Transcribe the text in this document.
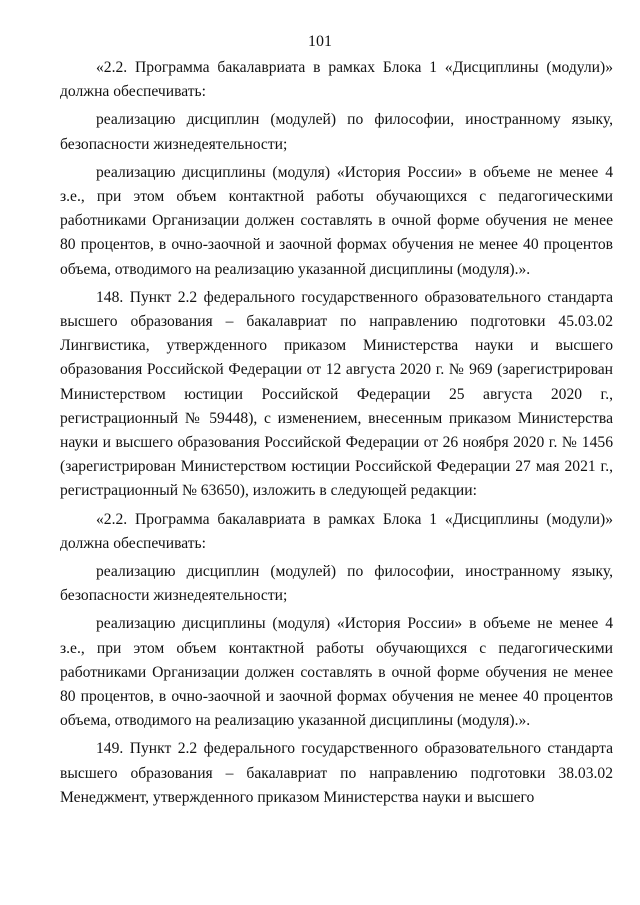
101

«2.2. Программа бакалавриата в рамках Блока 1 «Дисциплины (модули)» должна обеспечивать:

реализацию дисциплин (модулей) по философии, иностранному языку, безопасности жизнедеятельности;

реализацию дисциплины (модуля) «История России» в объеме не менее 4 з.е., при этом объем контактной работы обучающихся с педагогическими работниками Организации должен составлять в очной форме обучения не менее 80 процентов, в очно-заочной и заочной формах обучения не менее 40 процентов объема, отводимого на реализацию указанной дисциплины (модуля).».

148. Пункт 2.2 федерального государственного образовательного стандарта высшего образования – бакалавриат по направлению подготовки 45.03.02 Лингвистика, утвержденного приказом Министерства науки и высшего образования Российской Федерации от 12 августа 2020 г. № 969 (зарегистрирован Министерством юстиции Российской Федерации 25 августа 2020 г., регистрационный № 59448), с изменением, внесенным приказом Министерства науки и высшего образования Российской Федерации от 26 ноября 2020 г. № 1456 (зарегистрирован Министерством юстиции Российской Федерации 27 мая 2021 г., регистрационный № 63650), изложить в следующей редакции:

«2.2. Программа бакалавриата в рамках Блока 1 «Дисциплины (модули)» должна обеспечивать:

реализацию дисциплин (модулей) по философии, иностранному языку, безопасности жизнедеятельности;

реализацию дисциплины (модуля) «История России» в объеме не менее 4 з.е., при этом объем контактной работы обучающихся с педагогическими работниками Организации должен составлять в очной форме обучения не менее 80 процентов, в очно-заочной и заочной формах обучения не менее 40 процентов объема, отводимого на реализацию указанной дисциплины (модуля).».

149. Пункт 2.2 федерального государственного образовательного стандарта высшего образования – бакалавриат по направлению подготовки 38.03.02 Менеджмент, утвержденного приказом Министерства науки и высшего
